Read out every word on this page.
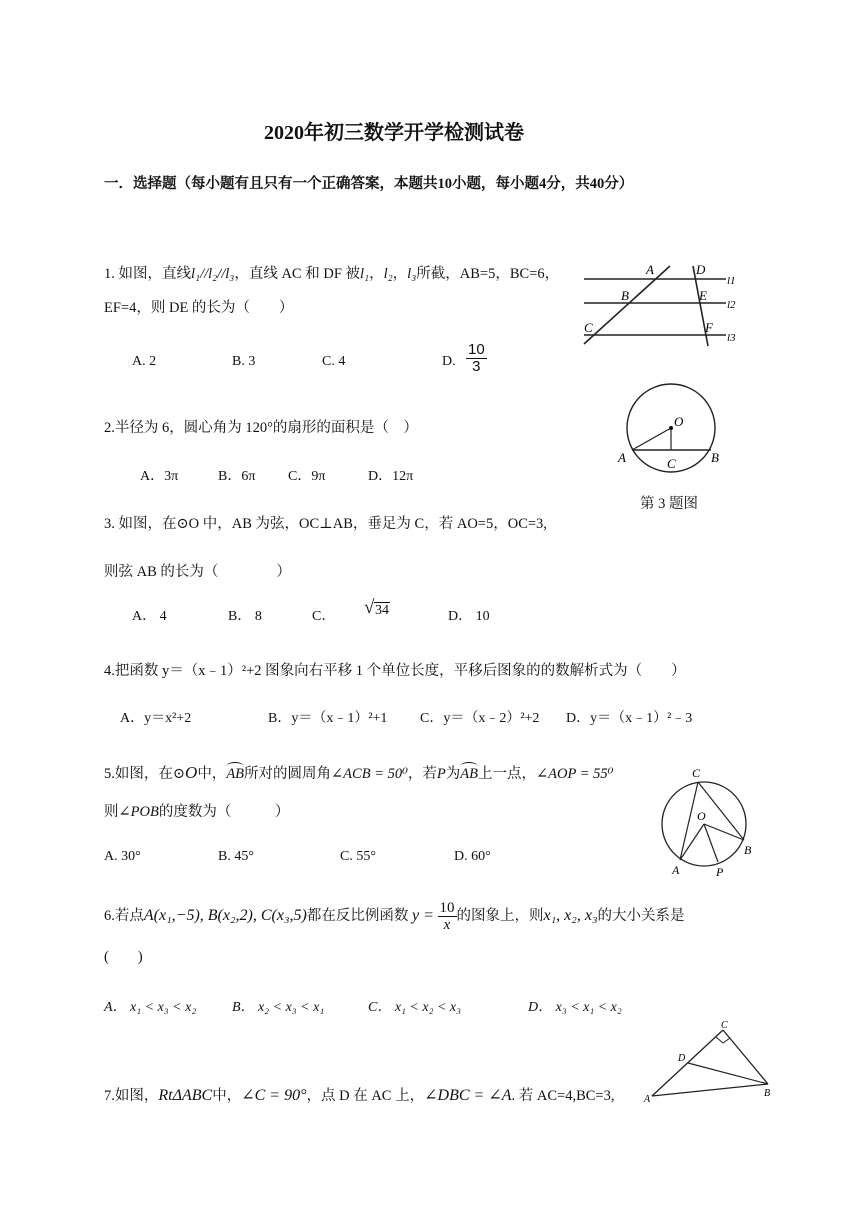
2020年初三数学开学检测试卷
一．选择题（每小题有且只有一个正确答案，本题共10小题，每小题4分，共40分）
1. 如图，直线l₁//l₂//l₃，直线 AC 和 DF 被l₁，l₂，l₃所截，AB=5，BC=6，
EF=4，则 DE 的长为（　　）
A. 2	B. 3	C. 4	D. $\frac{10}{3}$
A	D
l1
B	E
l2
C	F
l3
2.半径为 6，圆心角为 120°的扇形的面积是（　）
A．3π	B．6π C．9π	D．12π
O
A	C	B
第 3 题图
3. 如图，在⊙O 中，AB 为弦，OC⊥AB，垂足为 C，若 AO=5，OC=3,
则弦 AB 的长为（　　　　）
A． 4	B． 8	C． √ 34	D． 10
4.把函数 y＝（x﹣1）²+2 图象向右平移 1 个单位长度，平移后图象的的数解析式为（　　）
A．y＝x²+2	B．y＝（x﹣1）²+1 C．y＝（x﹣2）²+2 D．y＝（x﹣1）²﹣3
5.如图，在⊙O中，AB所对的圆周角∠ACB = 50⁰，若P为AB上一点，∠AOP = 55⁰
则∠POB的度数为（　　　）
A. 30°	B. 45°	C. 55°	D. 60°
C
O
B
A	P
6.若点A(x₁,−5), B(x₂,2), C(x₃,5)都在反比例函数 $y = \frac{10}{x}$ 的图象上，则x₁, x₂, x₃的大小关系是
(　　)
A． x₁ < x₃ < x₂	B． x₂ < x₃ < x₁	C． x₁ < x₂ < x₃	D． x₃ < x₁ < x₂
C
D
A
B
7.如图，RtΔABC中，∠C = 90°，点 D 在 AC 上，∠DBC = ∠A. 若 AC=4,BC=3,
